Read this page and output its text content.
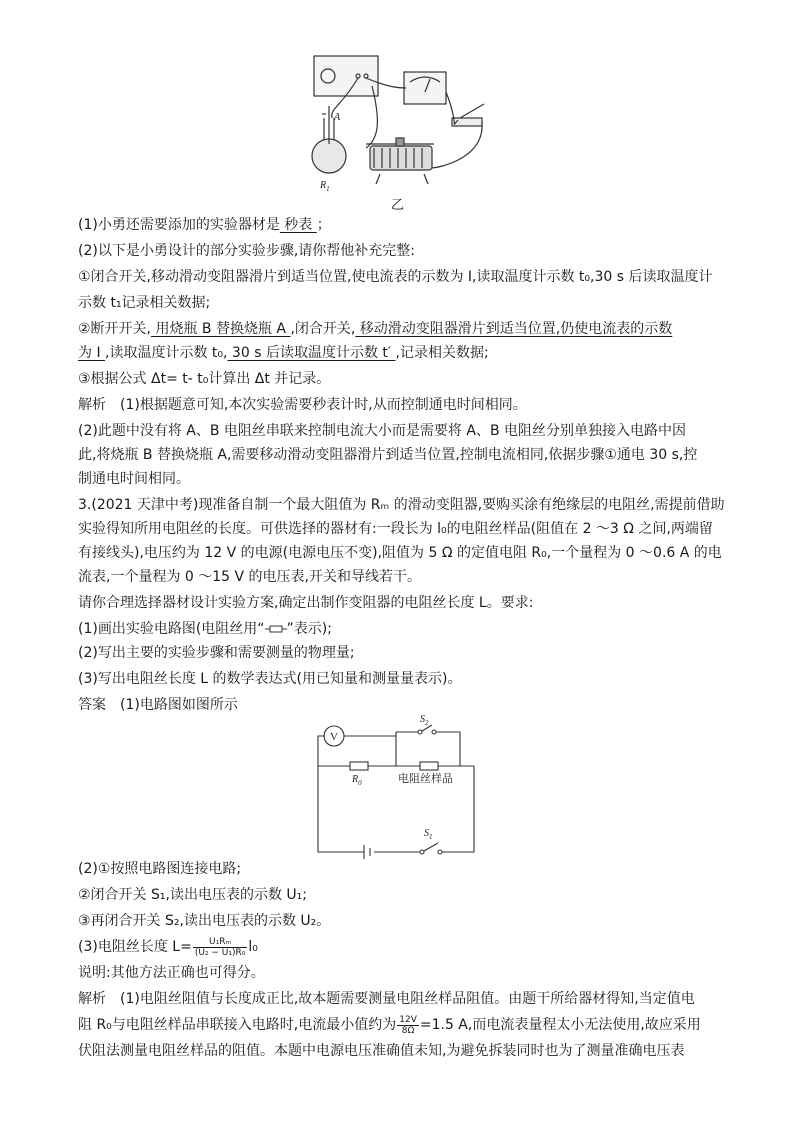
A
$R_1$
乙
(1)小勇还需要添加的实验器材是 秒表 ；
(2)以下是小勇设计的部分实验步骤,请你帮他补充完整:
①闭合开关,移动滑动变阻器滑片到适当位置,使电流表的示数为 I,读取温度计示数 t₀,30 s 后读取温度计
示数 t₁记录相关数据;
②断开开关, 用烧瓶 B 替换烧瓶 A ,闭合开关, 移动滑动变阻器滑片到适当位置,仍使电流表的示数
为 I ,读取温度计示数 t₀, 30 s 后读取温度计示数 t′ ,记录相关数据;
③根据公式 Δt= t- t₀计算出 Δt 并记录。
解析　(1)根据题意可知,本次实验需要秒表计时,从而控制通电时间相同。
(2)此题中没有将 A、B 电阻丝串联来控制电流大小而是需要将 A、B 电阻丝分别单独接入电路中因
此,将烧瓶 B 替换烧瓶 A,需要移动滑动变阻器滑片到适当位置,控制电流相同,依据步骤①通电 30 s,控
制通电时间相同。
3.(2021 天津中考)现准备自制一个最大阻值为 Rₘ 的滑动变阻器,要购买涂有绝缘层的电阻丝,需提前借助
实验得知所用电阻丝的长度。可供选择的器材有:一段长为 l₀的电阻丝样品(阻值在 2 ～3 Ω 之间,两端留
有接线头),电压约为 12 V 的电源(电源电压不变),阻值为 5 Ω 的定值电阻 R₀,一个量程为 0 ～0.6 A 的电
流表,一个量程为 0 ～15 V 的电压表,开关和导线若干。
请你合理选择器材设计实验方案,确定出制作变阻器的电阻丝长度 L。要求:
(1)画出实验电路图(电阻丝用“ ”表示);
(2)写出主要的实验步骤和需要测量的物理量;
(3)写出电阻丝长度 L 的数学表达式(用已知量和测量量表示)。
答案　(1)电路图如图所示
V
$S_2$
$R_0$	电阻丝样品
$S_1$
(2)①按照电路图连接电路;
②闭合开关 S₁,读出电压表的示数 U₁;
③再闭合开关 S₂,读出电压表的示数 U₂。
(3)电阻丝长度 $L= \frac{\text{U₁Rₘ}}{\text{(U₂ − U₁)R₀}} l_0$
说明:其他方法正确也可得分。
解析　(1)电阻丝阻值与长度成正比,故本题需要测量电阻丝样品阻值。由题干所给器材得知,当定值电
阻 R₀与电阻丝样品串联接入电路时,电流最小值约为 $\frac{12V}{8\Omega} =1.5$ A,而电流表量程太小无法使用,故应采用
伏阻法测量电阻丝样品的阻值。本题中电源电压准确值未知,为避免拆装同时也为了测量准确电压表
